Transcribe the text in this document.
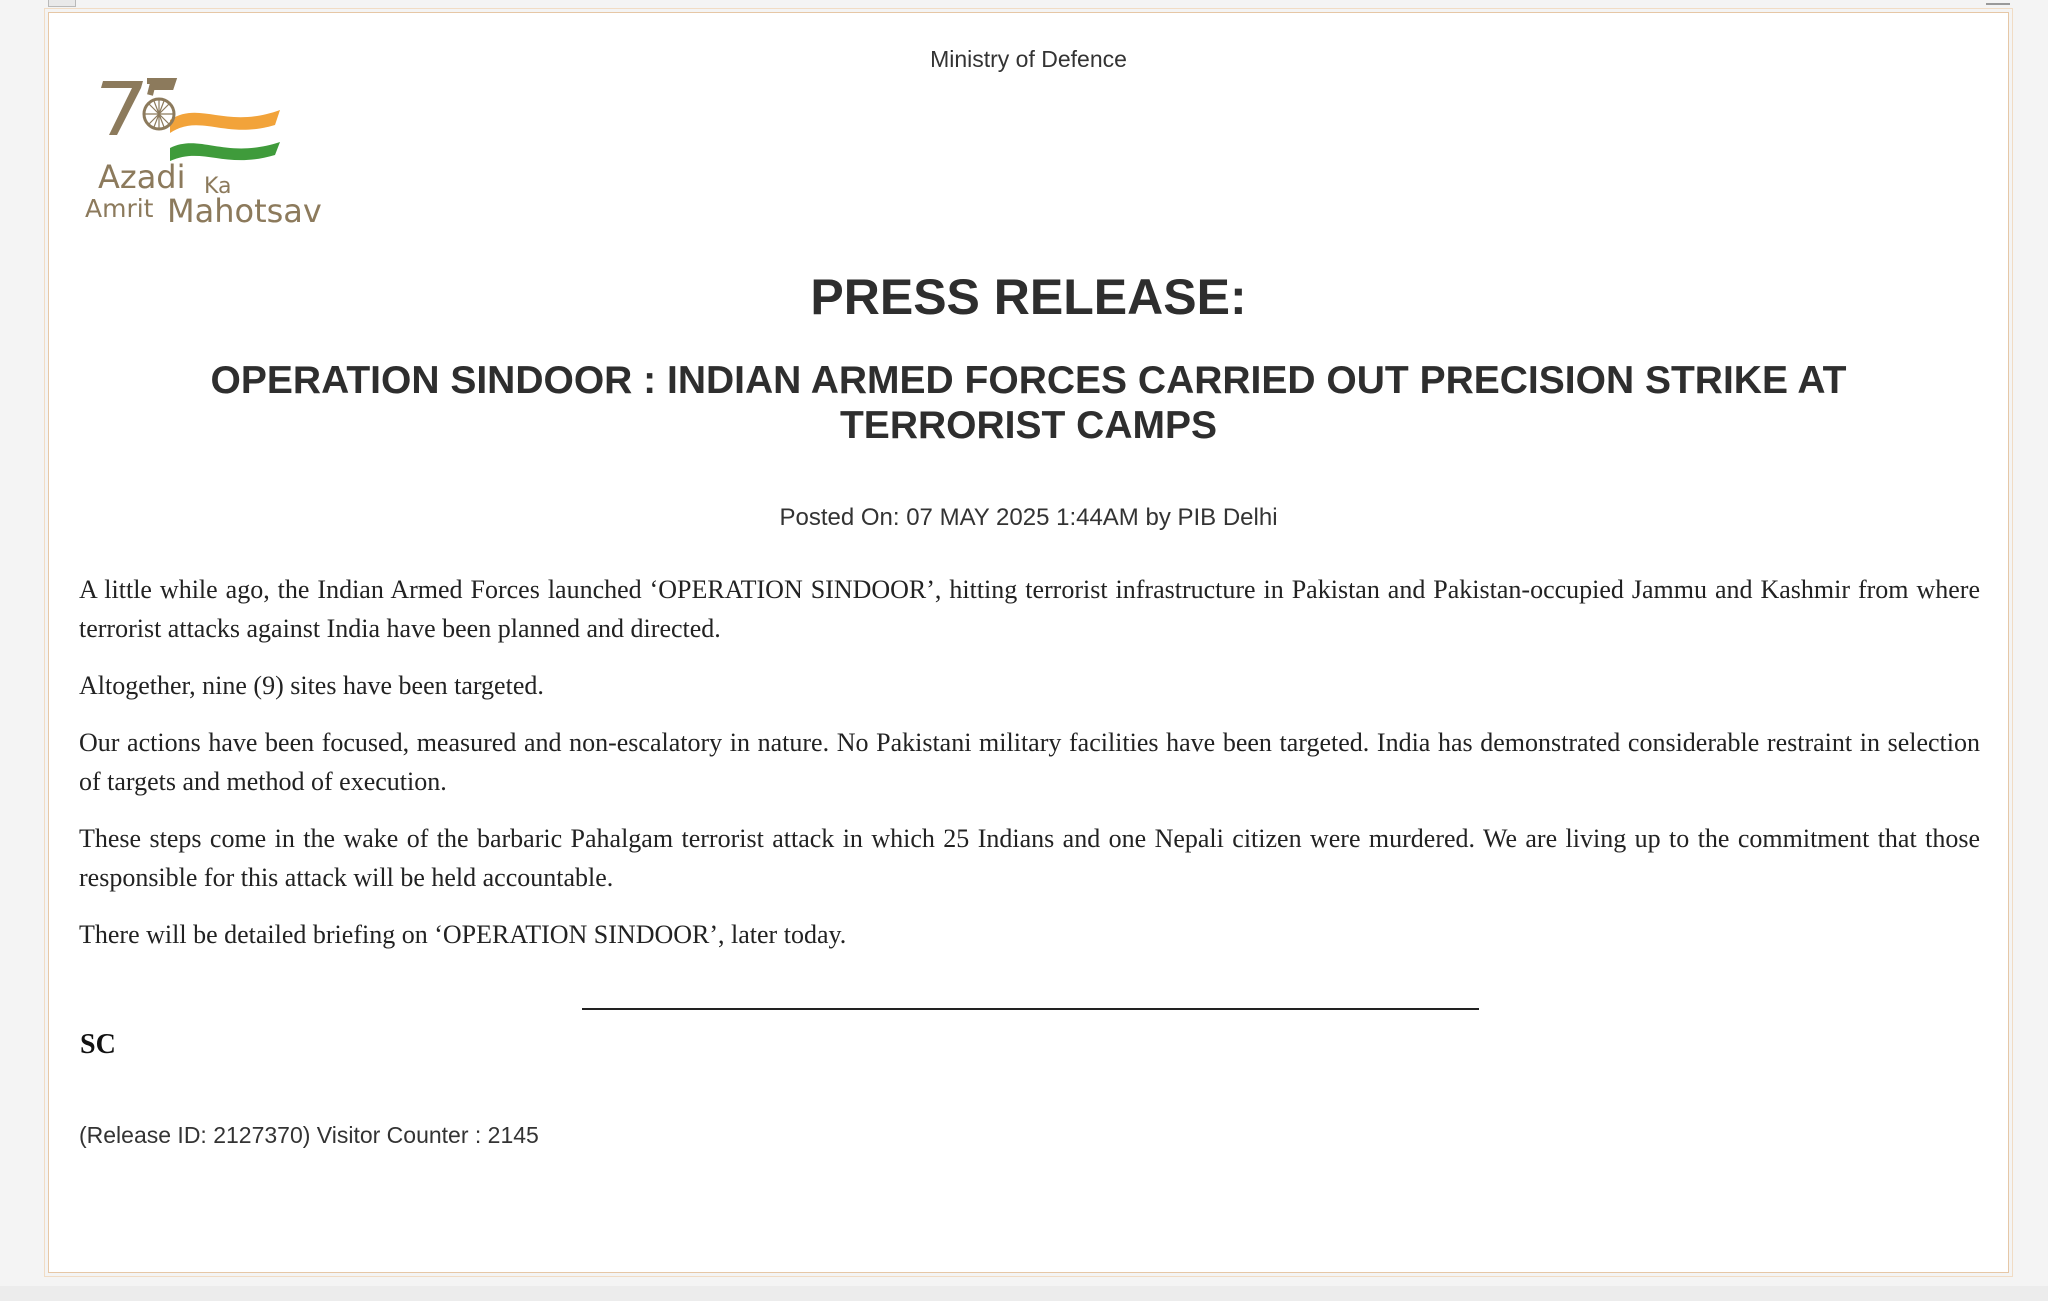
Ministry of Defence
Azadi Ka
Amrit Mahotsav
PRESS RELEASE:
OPERATION SINDOOR : INDIAN ARMED FORCES CARRIED OUT PRECISION STRIKE AT TERRORIST CAMPS
Posted On: 07 MAY 2025 1:44AM by PIB Delhi

A little while ago, the Indian Armed Forces launched ‘OPERATION SINDOOR’, hitting terrorist infrastructure in Pakistan and Pakistan-occupied Jammu and Kashmir from where terrorist attacks against India have been planned and directed.

Altogether, nine (9) sites have been targeted.

Our actions have been focused, measured and non-escalatory in nature. No Pakistani military facilities have been targeted. India has demonstrated considerable restraint in selection of targets and method of execution.

These steps come in the wake of the barbaric Pahalgam terrorist attack in which 25 Indians and one Nepali citizen were murdered. We are living up to the commitment that those responsible for this attack will be held accountable.

There will be detailed briefing on ‘OPERATION SINDOOR’, later today.

SC
(Release ID: 2127370) Visitor Counter : 2145
